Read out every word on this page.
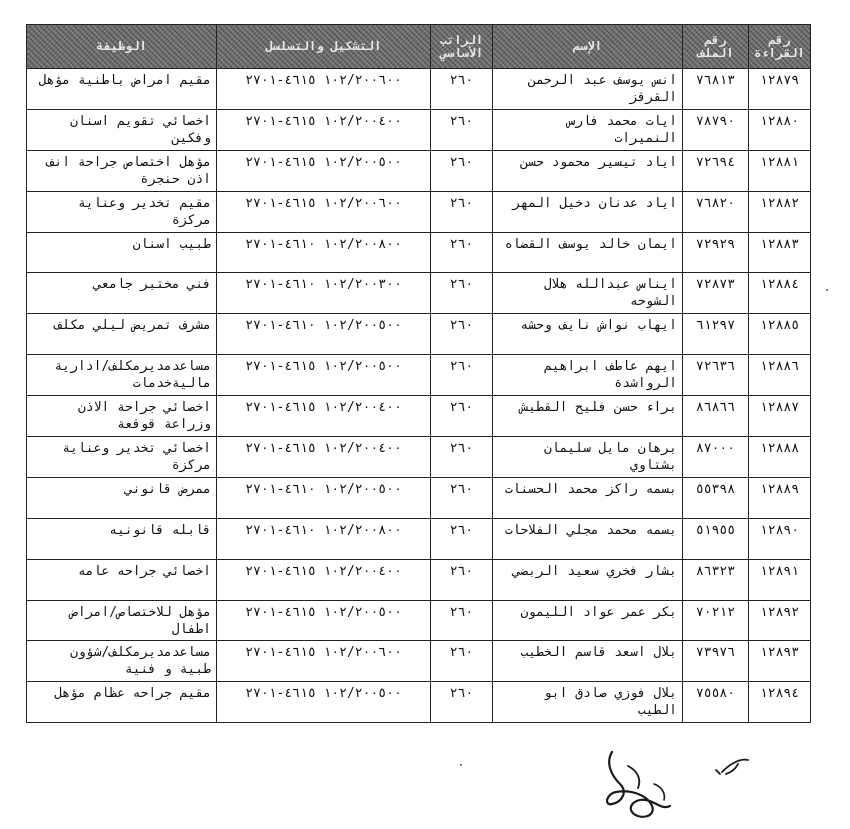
رقم القراءة	رقم الملف	الإسم	الراتب الأساسي	التشكيل والتسلسل	الوظيفة
١٢٨٧٩	٧٦٨١٣	انس يوسف عبد الرحمن القرقز	٢٦٠	١٠٢/٢٠٠٦٠٠ ٤٦١٥-٢٧٠١	مقيم امراض باطنية مؤهل
١٢٨٨٠	٧٨٧٩٠	ايات محمد فارس النميرات	٢٦٠	١٠٢/٢٠٠٤٠٠ ٤٦١٥-٢٧٠١	اخصائي تقويم اسنان وفكين
١٢٨٨١	٧٢٦٩٤	اياد تيسير محمود حسن	٢٦٠	١٠٢/٢٠٠٥٠٠ ٤٦١٥-٢٧٠١	مؤهل اختصاص جراحة انف اذن حنجرة
١٢٨٨٢	٧٦٨٢٠	اياد عدنان دخيل المهر	٢٦٠	١٠٢/٢٠٠٦٠٠ ٤٦١٥-٢٧٠١	مقيم تخدير وعناية مركزة
١٢٨٨٣	٧٢٩٢٩	ايمان خالد يوسف القضاه	٢٦٠	١٠٢/٢٠٠٨٠٠ ٤٦١٠-٢٧٠١	طبيب اسنان
١٢٨٨٤	٧٢٨٧٣	ايناس عبدالله هلال الشوحه	٢٦٠	١٠٢/٢٠٠٣٠٠ ٤٦١٠-٢٧٠١	فني مختبر جامعي
١٢٨٨٥	٦١٢٩٧	ايهاب نواش نايف وحشه	٢٦٠	١٠٢/٢٠٠٥٠٠ ٤٦١٠-٢٧٠١	مشرف تمريض ليلي مكلف
١٢٨٨٦	٧٢٦٣٦	ايهم عاطف ابراهيم الرواشدة	٢٦٠	١٠٢/٢٠٠٥٠٠ ٤٦١٥-٢٧٠١	مساعدمديرمكلف/ادارية ماليةخدمات
١٢٨٨٧	٨٦٨٦٦	براء حسن فليح القطيش	٢٦٠	١٠٢/٢٠٠٤٠٠ ٤٦١٥-٢٧٠١	اخصائي جراحة الاذن وزراعة قوقعة
١٢٨٨٨	٨٧٠٠٠	برهان مايل سليمان بشتاوي	٢٦٠	١٠٢/٢٠٠٤٠٠ ٤٦١٥-٢٧٠١	اخصائي تخدير وعناية مركزة
١٢٨٨٩	٥٥٣٩٨	بسمه راكز محمد الحسنات	٢٦٠	١٠٢/٢٠٠٥٠٠ ٤٦١٠-٢٧٠١	ممرض قانوني
١٢٨٩٠	٥١٩٥٥	بسمه محمد مجلي الفلاحات	٢٦٠	١٠٢/٢٠٠٨٠٠ ٤٦١٠-٢٧٠١	قابله قانونيه
١٢٨٩١	٨٦٣٢٣	بشار فخري سعيد الربضي	٢٦٠	١٠٢/٢٠٠٤٠٠ ٤٦١٥-٢٧٠١	اخصائي جراحه عامه
١٢٨٩٢	٧٠٢١٢	بكر عمر عواد الليمون	٢٦٠	١٠٢/٢٠٠٥٠٠ ٤٦١٥-٢٧٠١	مؤهل للاختصاص/امراض اطفال
١٢٨٩٣	٧٣٩٧٦	بلال اسعد قاسم الخطيب	٢٦٠	١٠٢/٢٠٠٦٠٠ ٤٦١٥-٢٧٠١	مساعدمديرمكلف/شؤون طبية و فنية
١٢٨٩٤	٧٥٥٨٠	بلال فوزي صادق ابو الطيب	٢٦٠	١٠٢/٢٠٠٥٠٠ ٤٦١٥-٢٧٠١	مقيم جراحه عظام مؤهل
